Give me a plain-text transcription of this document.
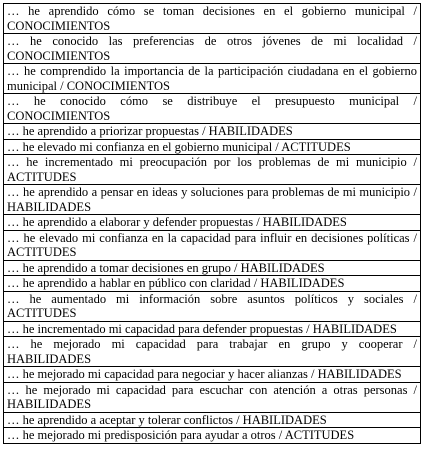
… he aprendido cómo se toman decisiones en el gobierno municipal / CONOCIMIENTOS
… he conocido las preferencias de otros jóvenes de mi localidad / CONOCIMIENTOS
… he comprendido la importancia de la participación ciudadana en el gobierno municipal / CONOCIMIENTOS
… he conocido cómo se distribuye el presupuesto municipal / CONOCIMIENTOS
… he aprendido a priorizar propuestas / HABILIDADES
… he elevado mi confianza en el gobierno municipal / ACTITUDES
… he incrementado mi preocupación por los problemas de mi municipio / ACTITUDES
… he aprendido a pensar en ideas y soluciones para problemas de mi municipio / HABILIDADES
… he aprendido a elaborar y defender propuestas / HABILIDADES
… he elevado mi confianza en la capacidad para influir en decisiones políticas / ACTITUDES
… he aprendido a tomar decisiones en grupo / HABILIDADES
… he aprendido a hablar en público con claridad / HABILIDADES
… he aumentado mi información sobre asuntos políticos y sociales / ACTITUDES
… he incrementado mi capacidad para defender propuestas / HABILIDADES
… he mejorado mi capacidad para trabajar en grupo y cooperar / HABILIDADES
… he mejorado mi capacidad para negociar y hacer alianzas / HABILIDADES
… he mejorado mi capacidad para escuchar con atención a otras personas / HABILIDADES
… he aprendido a aceptar y tolerar conflictos / HABILIDADES
… he mejorado mi predisposición para ayudar a otros / ACTITUDES
